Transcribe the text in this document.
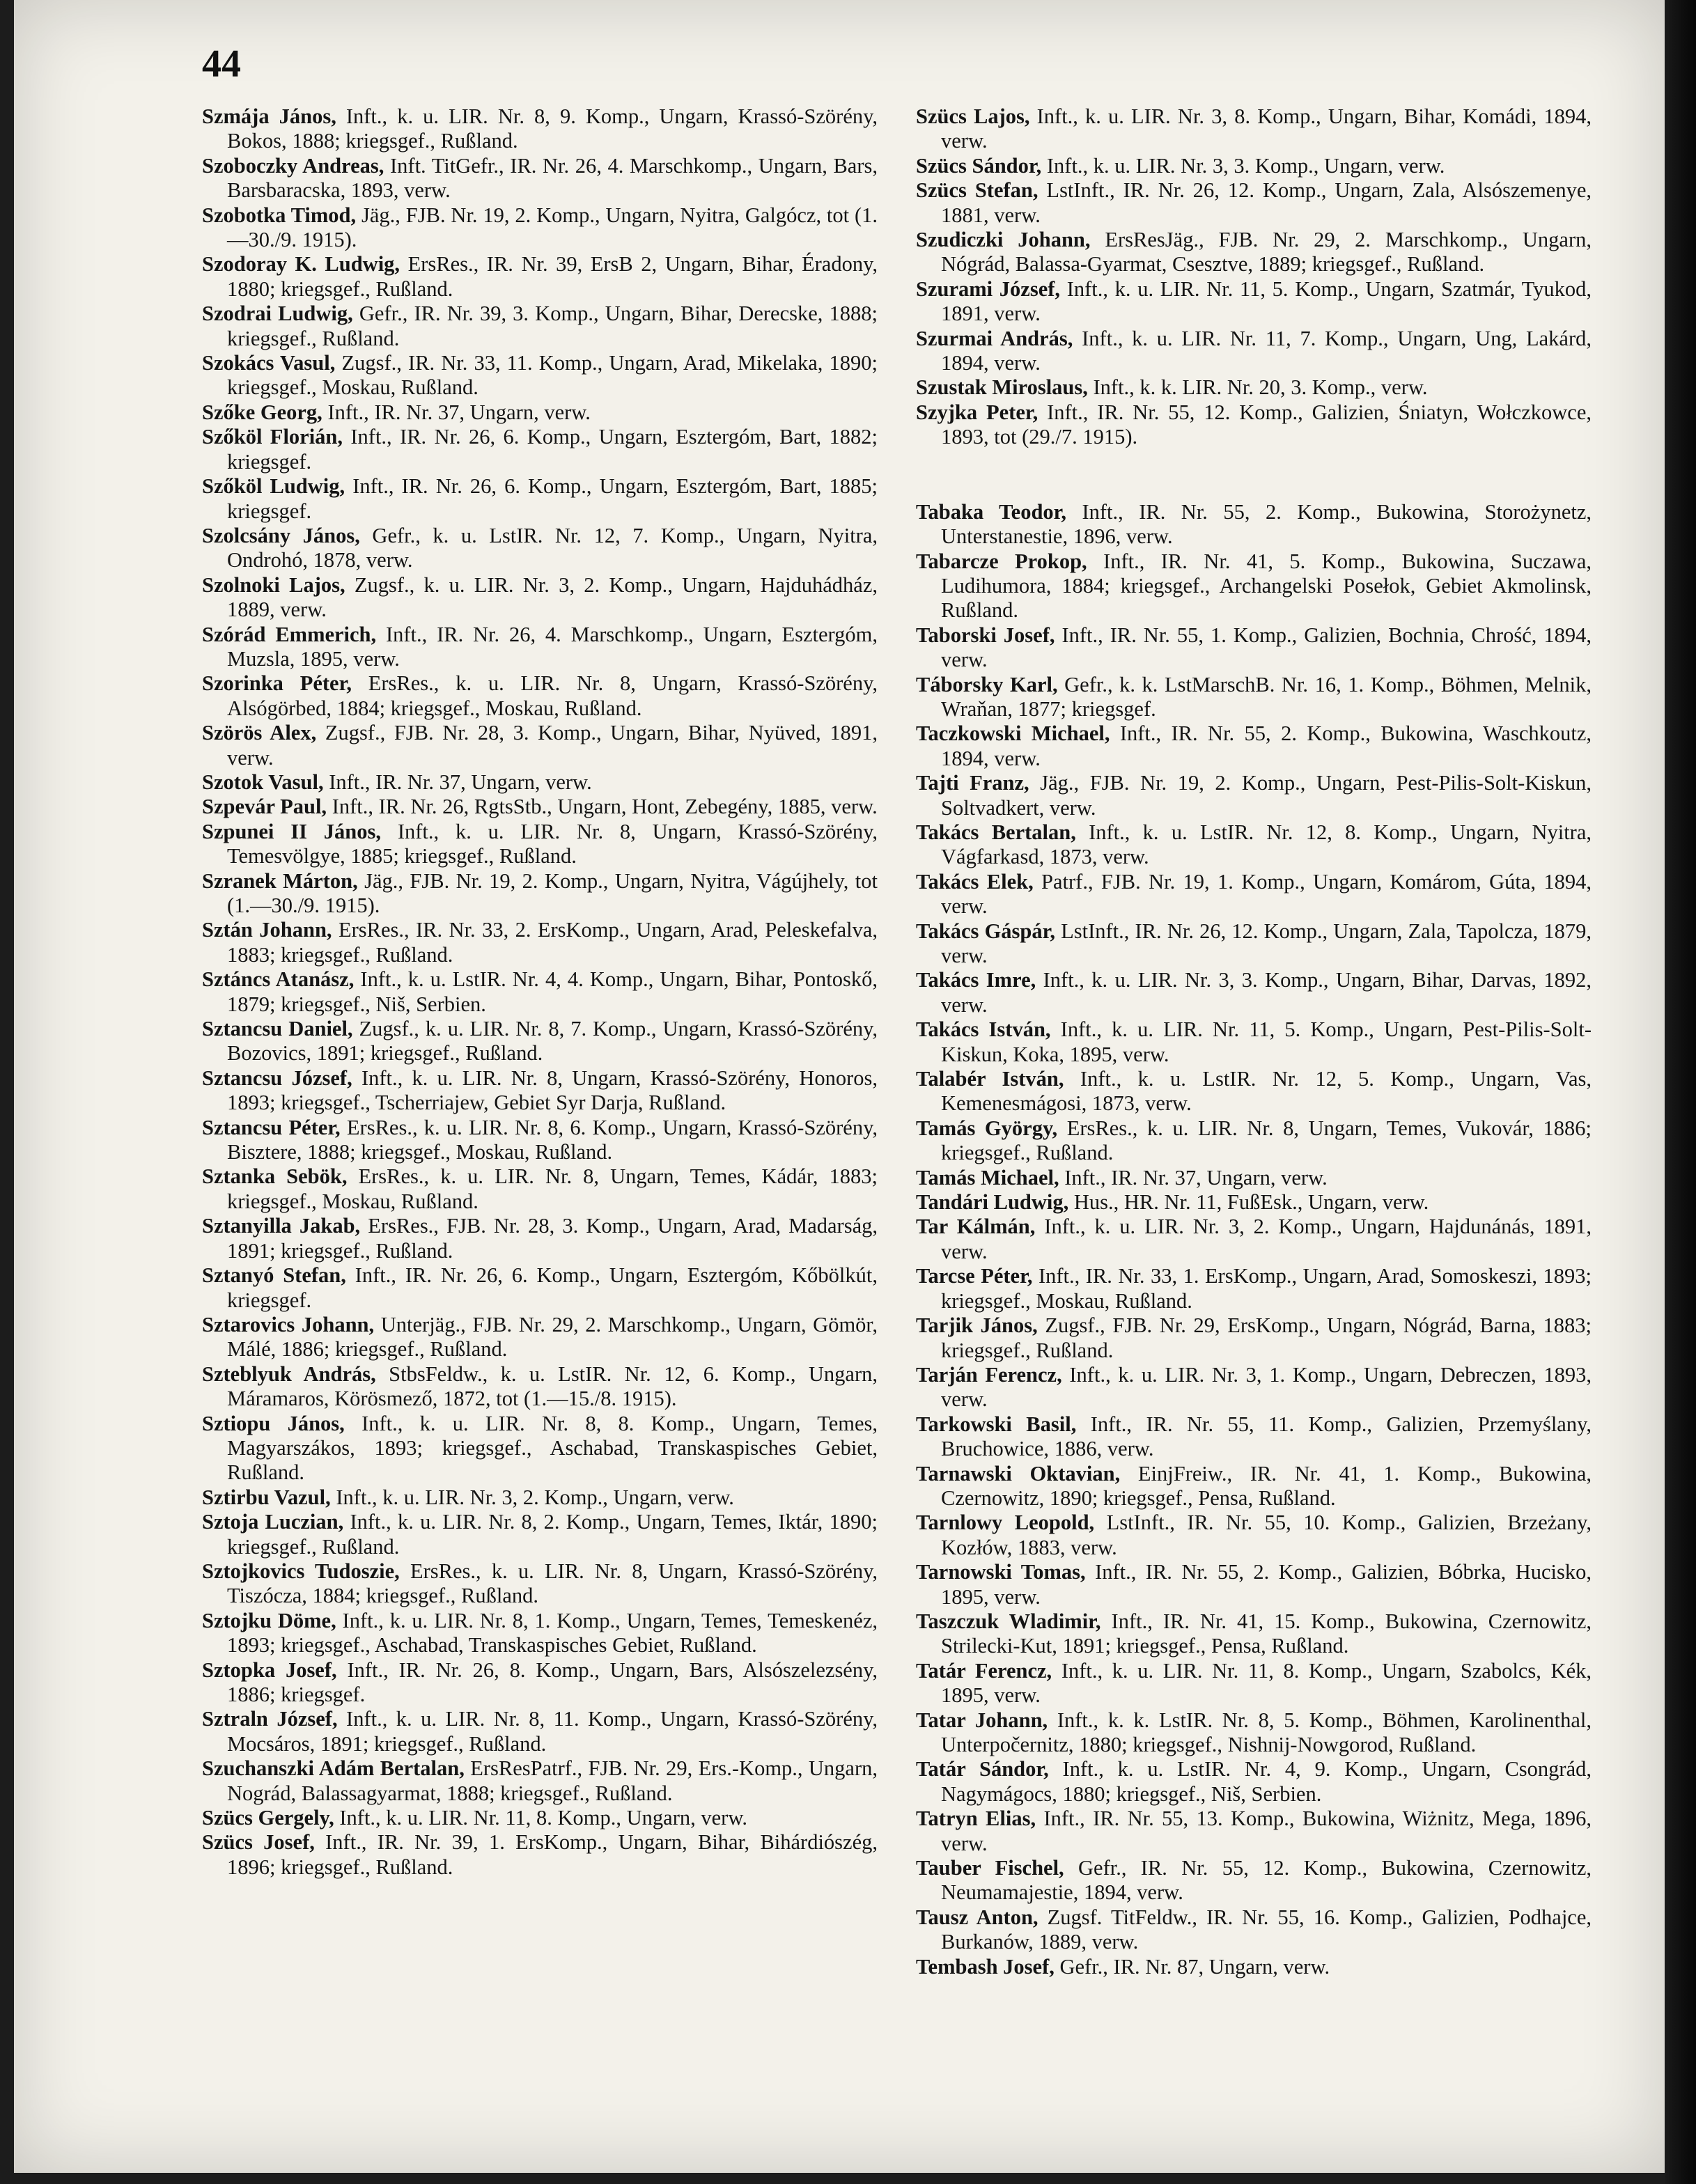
44

Szmája János, Inft., k. u. LIR. Nr. 8, 9. Komp., Ungarn, Krassó-Szörény, Bokos, 1888; kriegsgef., Rußland.

Szoboczky Andreas, Inft. TitGefr., IR. Nr. 26, 4. Marschkomp., Ungarn, Bars, Barsbaracska, 1893, verw.

Szobotka Timod, Jäg., FJB. Nr. 19, 2. Komp., Ungarn, Nyitra, Galgócz, tot (1.—30./9. 1915).

Szodoray K. Ludwig, ErsRes., IR. Nr. 39, ErsB 2, Ungarn, Bihar, Éradony, 1880; kriegsgef., Rußland.

Szodrai Ludwig, Gefr., IR. Nr. 39, 3. Komp., Ungarn, Bihar, Derecske, 1888; kriegsgef., Rußland.

Szokács Vasul, Zugsf., IR. Nr. 33, 11. Komp., Ungarn, Arad, Mikelaka, 1890; kriegsgef., Moskau, Rußland.

Szőke Georg, Inft., IR. Nr. 37, Ungarn, verw.

Szőköl Florián, Inft., IR. Nr. 26, 6. Komp., Ungarn, Esztergóm, Bart, 1882; kriegsgef.

Szőköl Ludwig, Inft., IR. Nr. 26, 6. Komp., Ungarn, Esztergóm, Bart, 1885; kriegsgef.

Szolcsány János, Gefr., k. u. LstIR. Nr. 12, 7. Komp., Ungarn, Nyitra, Ondrohó, 1878, verw.

Szolnoki Lajos, Zugsf., k. u. LIR. Nr. 3, 2. Komp., Ungarn, Hajduhádház, 1889, verw.

Szórád Emmerich, Inft., IR. Nr. 26, 4. Marschkomp., Ungarn, Esztergóm, Muzsla, 1895, verw.

Szorinka Péter, ErsRes., k. u. LIR. Nr. 8, Ungarn, Krassó-Szörény, Alsógörbed, 1884; kriegsgef., Moskau, Rußland.

Szörös Alex, Zugsf., FJB. Nr. 28, 3. Komp., Ungarn, Bihar, Nyüved, 1891, verw.

Szotok Vasul, Inft., IR. Nr. 37, Ungarn, verw.

Szpevár Paul, Inft., IR. Nr. 26, RgtsStb., Ungarn, Hont, Zebegény, 1885, verw.

Szpunei II János, Inft., k. u. LIR. Nr. 8, Ungarn, Krassó-Szörény, Temesvölgye, 1885; kriegsgef., Rußland.

Szranek Márton, Jäg., FJB. Nr. 19, 2. Komp., Ungarn, Nyitra, Vágújhely, tot (1.—30./9. 1915).

Sztán Johann, ErsRes., IR. Nr. 33, 2. ErsKomp., Ungarn, Arad, Peleskefalva, 1883; kriegsgef., Rußland.

Sztáncs Atanász, Inft., k. u. LstIR. Nr. 4, 4. Komp., Ungarn, Bihar, Pontoskő, 1879; kriegsgef., Niš, Serbien.

Sztancsu Daniel, Zugsf., k. u. LIR. Nr. 8, 7. Komp., Ungarn, Krassó-Szörény, Bozovics, 1891; kriegsgef., Rußland.

Sztancsu József, Inft., k. u. LIR. Nr. 8, Ungarn, Krassó-Szörény, Honoros, 1893; kriegsgef., Tscherriajew, Gebiet Syr Darja, Rußland.

Sztancsu Péter, ErsRes., k. u. LIR. Nr. 8, 6. Komp., Ungarn, Krassó-Szörény, Bisztere, 1888; kriegsgef., Moskau, Rußland.

Sztanka Sebök, ErsRes., k. u. LIR. Nr. 8, Ungarn, Temes, Kádár, 1883; kriegsgef., Moskau, Rußland.

Sztanyilla Jakab, ErsRes., FJB. Nr. 28, 3. Komp., Ungarn, Arad, Madarság, 1891; kriegsgef., Rußland.

Sztanyó Stefan, Inft., IR. Nr. 26, 6. Komp., Ungarn, Esztergóm, Kőbölkút, kriegsgef.

Sztarovics Johann, Unterjäg., FJB. Nr. 29, 2. Marschkomp., Ungarn, Gömör, Málé, 1886; kriegsgef., Rußland.

Szteblyuk András, StbsFeldw., k. u. LstIR. Nr. 12, 6. Komp., Ungarn, Máramaros, Körösmező, 1872, tot (1.—15./8. 1915).

Sztiopu János, Inft., k. u. LIR. Nr. 8, 8. Komp., Ungarn, Temes, Magyarszákos, 1893; kriegsgef., Aschabad, Transkaspisches Gebiet, Rußland.

Sztirbu Vazul, Inft., k. u. LIR. Nr. 3, 2. Komp., Ungarn, verw.

Sztoja Luczian, Inft., k. u. LIR. Nr. 8, 2. Komp., Ungarn, Temes, Iktár, 1890; kriegsgef., Rußland.

Sztojkovics Tudoszie, ErsRes., k. u. LIR. Nr. 8, Ungarn, Krassó-Szörény, Tiszócza, 1884; kriegsgef., Rußland.

Sztojku Döme, Inft., k. u. LIR. Nr. 8, 1. Komp., Ungarn, Temes, Temeskenéz, 1893; kriegsgef., Aschabad, Transkaspisches Gebiet, Rußland.

Sztopka Josef, Inft., IR. Nr. 26, 8. Komp., Ungarn, Bars, Alsószelezsény, 1886; kriegsgef.

Sztraln József, Inft., k. u. LIR. Nr. 8, 11. Komp., Ungarn, Krassó-Szörény, Mocsáros, 1891; kriegsgef., Rußland.

Szuchanszki Adám Bertalan, ErsResPatrf., FJB. Nr. 29, Ers.-Komp., Ungarn, Nográd, Balassagyarmat, 1888; kriegsgef., Rußland.

Szücs Gergely, Inft., k. u. LIR. Nr. 11, 8. Komp., Ungarn, verw.

Szücs Josef, Inft., IR. Nr. 39, 1. ErsKomp., Ungarn, Bihar, Bihárdiószég, 1896; kriegsgef., Rußland.

Szücs Lajos, Inft., k. u. LIR. Nr. 3, 8. Komp., Ungarn, Bihar, Komádi, 1894, verw.

Szücs Sándor, Inft., k. u. LIR. Nr. 3, 3. Komp., Ungarn, verw.

Szücs Stefan, LstInft., IR. Nr. 26, 12. Komp., Ungarn, Zala, Alsószemenye, 1881, verw.

Szudiczki Johann, ErsResJäg., FJB. Nr. 29, 2. Marschkomp., Ungarn, Nógrád, Balassa-Gyarmat, Csesztve, 1889; kriegsgef., Rußland.

Szurami József, Inft., k. u. LIR. Nr. 11, 5. Komp., Ungarn, Szatmár, Tyukod, 1891, verw.

Szurmai András, Inft., k. u. LIR. Nr. 11, 7. Komp., Ungarn, Ung, Lakárd, 1894, verw.

Szustak Miroslaus, Inft., k. k. LIR. Nr. 20, 3. Komp., verw.

Szyjka Peter, Inft., IR. Nr. 55, 12. Komp., Galizien, Śniatyn, Wołczkowce, 1893, tot (29./7. 1915).

Tabaka Teodor, Inft., IR. Nr. 55, 2. Komp., Bukowina, Storożynetz, Unterstanestie, 1896, verw.

Tabarcze Prokop, Inft., IR. Nr. 41, 5. Komp., Bukowina, Suczawa, Ludihumora, 1884; kriegsgef., Archangelski Posełok, Gebiet Akmolinsk, Rußland.

Taborski Josef, Inft., IR. Nr. 55, 1. Komp., Galizien, Bochnia, Chrość, 1894, verw.

Táborsky Karl, Gefr., k. k. LstMarschB. Nr. 16, 1. Komp., Böhmen, Melnik, Wraňan, 1877; kriegsgef.

Taczkowski Michael, Inft., IR. Nr. 55, 2. Komp., Bukowina, Waschkoutz, 1894, verw.

Tajti Franz, Jäg., FJB. Nr. 19, 2. Komp., Ungarn, Pest-Pilis-Solt-Kiskun, Soltvadkert, verw.

Takács Bertalan, Inft., k. u. LstIR. Nr. 12, 8. Komp., Ungarn, Nyitra, Vágfarkasd, 1873, verw.

Takács Elek, Patrf., FJB. Nr. 19, 1. Komp., Ungarn, Komárom, Gúta, 1894, verw.

Takács Gáspár, LstInft., IR. Nr. 26, 12. Komp., Ungarn, Zala, Tapolcza, 1879, verw.

Takács Imre, Inft., k. u. LIR. Nr. 3, 3. Komp., Ungarn, Bihar, Darvas, 1892, verw.

Takács István, Inft., k. u. LIR. Nr. 11, 5. Komp., Ungarn, Pest-Pilis-Solt-Kiskun, Koka, 1895, verw.

Talabér István, Inft., k. u. LstIR. Nr. 12, 5. Komp., Ungarn, Vas, Kemenesmágosi, 1873, verw.

Tamás György, ErsRes., k. u. LIR. Nr. 8, Ungarn, Temes, Vukovár, 1886; kriegsgef., Rußland.

Tamás Michael, Inft., IR. Nr. 37, Ungarn, verw.

Tandári Ludwig, Hus., HR. Nr. 11, FußEsk., Ungarn, verw.

Tar Kálmán, Inft., k. u. LIR. Nr. 3, 2. Komp., Ungarn, Hajdunánás, 1891, verw.

Tarcse Péter, Inft., IR. Nr. 33, 1. ErsKomp., Ungarn, Arad, Somoskeszi, 1893; kriegsgef., Moskau, Rußland.

Tarjik János, Zugsf., FJB. Nr. 29, ErsKomp., Ungarn, Nógrád, Barna, 1883; kriegsgef., Rußland.

Tarján Ferencz, Inft., k. u. LIR. Nr. 3, 1. Komp., Ungarn, Debreczen, 1893, verw.

Tarkowski Basil, Inft., IR. Nr. 55, 11. Komp., Galizien, Przemyślany, Bruchowice, 1886, verw.

Tarnawski Oktavian, EinjFreiw., IR. Nr. 41, 1. Komp., Bukowina, Czernowitz, 1890; kriegsgef., Pensa, Rußland.

Tarnlowy Leopold, LstInft., IR. Nr. 55, 10. Komp., Galizien, Brzeżany, Kozłów, 1883, verw.

Tarnowski Tomas, Inft., IR. Nr. 55, 2. Komp., Galizien, Bóbrka, Hucisko, 1895, verw.

Taszczuk Wladimir, Inft., IR. Nr. 41, 15. Komp., Bukowina, Czernowitz, Strilecki-Kut, 1891; kriegsgef., Pensa, Rußland.

Tatár Ferencz, Inft., k. u. LIR. Nr. 11, 8. Komp., Ungarn, Szabolcs, Kék, 1895, verw.

Tatar Johann, Inft., k. k. LstIR. Nr. 8, 5. Komp., Böhmen, Karolinenthal, Unterpočernitz, 1880; kriegsgef., Nishnij-Nowgorod, Rußland.

Tatár Sándor, Inft., k. u. LstIR. Nr. 4, 9. Komp., Ungarn, Csongrád, Nagymágocs, 1880; kriegsgef., Niš, Serbien.

Tatryn Elias, Inft., IR. Nr. 55, 13. Komp., Bukowina, Wiżnitz, Mega, 1896, verw.

Tauber Fischel, Gefr., IR. Nr. 55, 12. Komp., Bukowina, Czernowitz, Neumamajestie, 1894, verw.

Tausz Anton, Zugsf. TitFeldw., IR. Nr. 55, 16. Komp., Galizien, Podhajce, Burkanów, 1889, verw.

Tembash Josef, Gefr., IR. Nr. 87, Ungarn, verw.
